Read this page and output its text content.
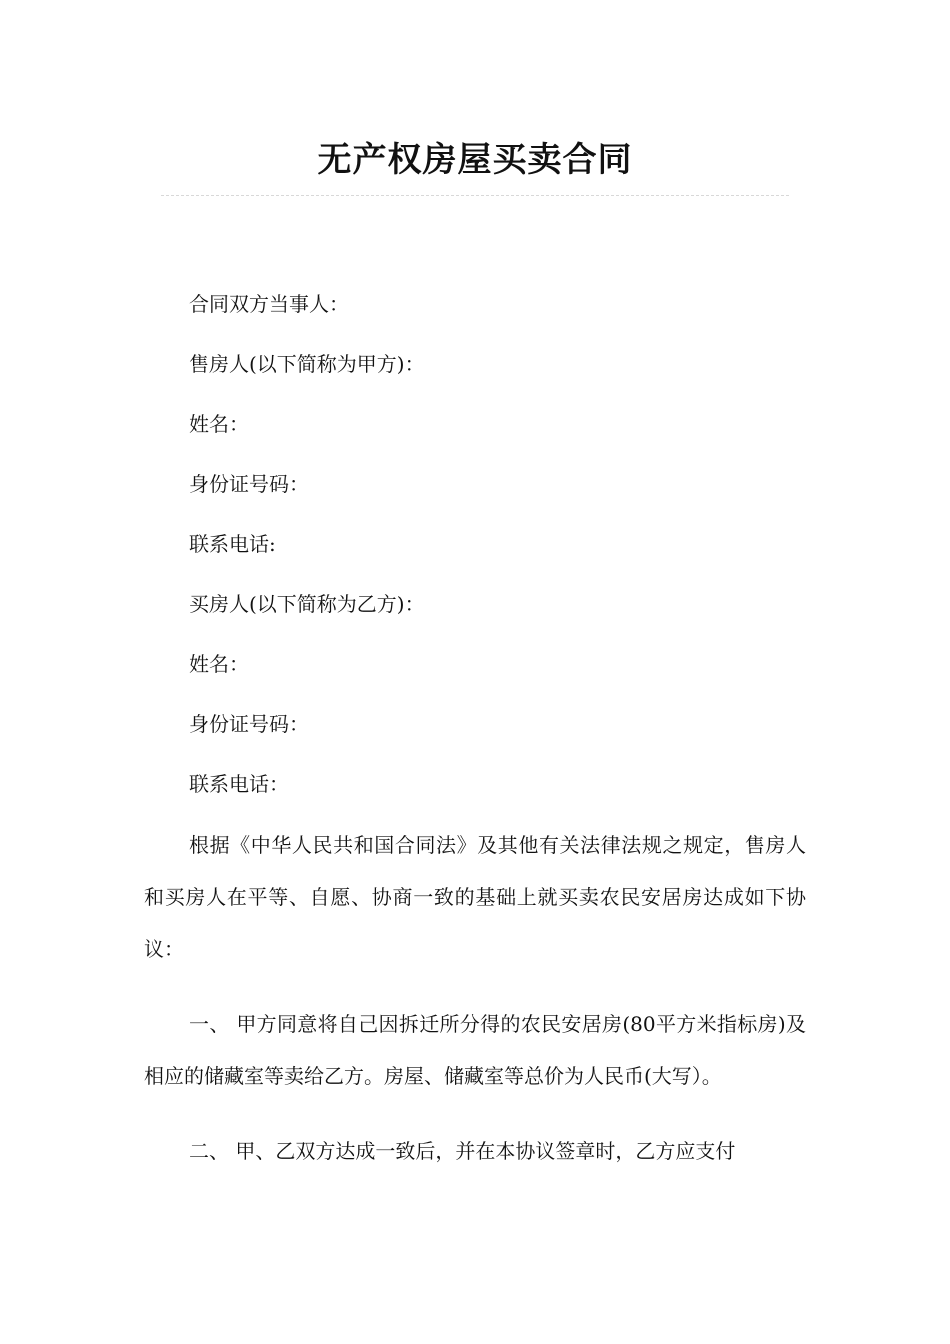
无产权房屋买卖合同

合同双方当事人：

售房人(以下简称为甲方)：

姓名：

身份证号码：

联系电话:

买房人(以下简称为乙方)：

姓名：

身份证号码：

联系电话：

根据《中华人民共和国合同法》及其他有关法律法规之规定，售房人和买房人在平等、自愿、协商一致的基础上就买卖农民安居房达成如下协议：

一、 甲方同意将自己因拆迁所分得的农民安居房(80平方米指标房)及相应的储藏室等卖给乙方。房屋、储藏室等总价为人民币(大写）。

二、 甲、乙双方达成一致后，并在本协议签章时，乙方应支付
